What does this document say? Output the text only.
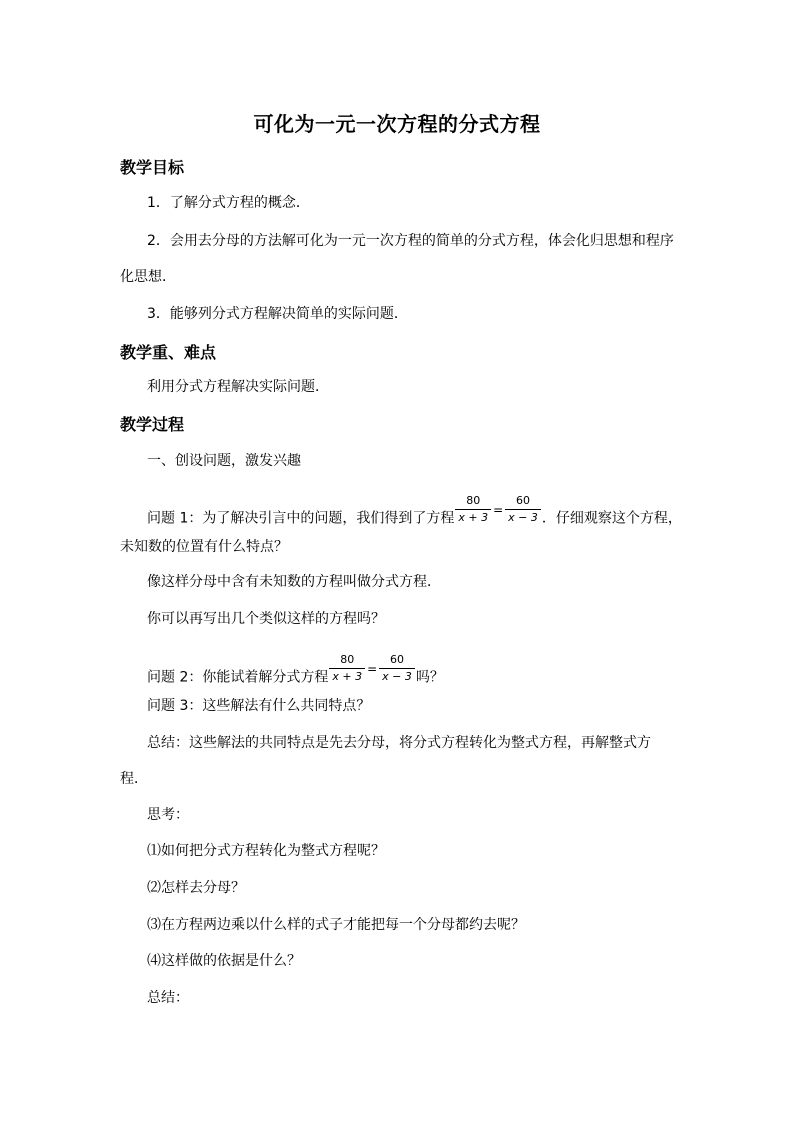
可化为一元一次方程的分式方程
教学目标
1．了解分式方程的概念．
2．会用去分母的方法解可化为一元一次方程的简单的分式方程，体会化归思想和程序
化思想．
3．能够列分式方程解决简单的实际问题．
教学重、难点
利用分式方程解决实际问题．
教学过程
一、创设问题，激发兴趣
问题 1：为了解决引言中的问题，我们得到了方程 $\frac{80}{x + 3} = \frac{60}{x - 3}$ ．仔细观察这个方程，
未知数的位置有什么特点？
像这样分母中含有未知数的方程叫做分式方程．
你可以再写出几个类似这样的方程吗？
问题 2：你能试着解分式方程 $\frac{80}{x + 3} = \frac{60}{x - 3}$ 吗？
问题 3：这些解法有什么共同特点？
总结：这些解法的共同特点是先去分母，将分式方程转化为整式方程，再解整式方
程．
思考：
⑴如何把分式方程转化为整式方程呢？
⑵怎样去分母？
⑶在方程两边乘以什么样的式子才能把每一个分母都约去呢？
⑷这样做的依据是什么？
总结：
